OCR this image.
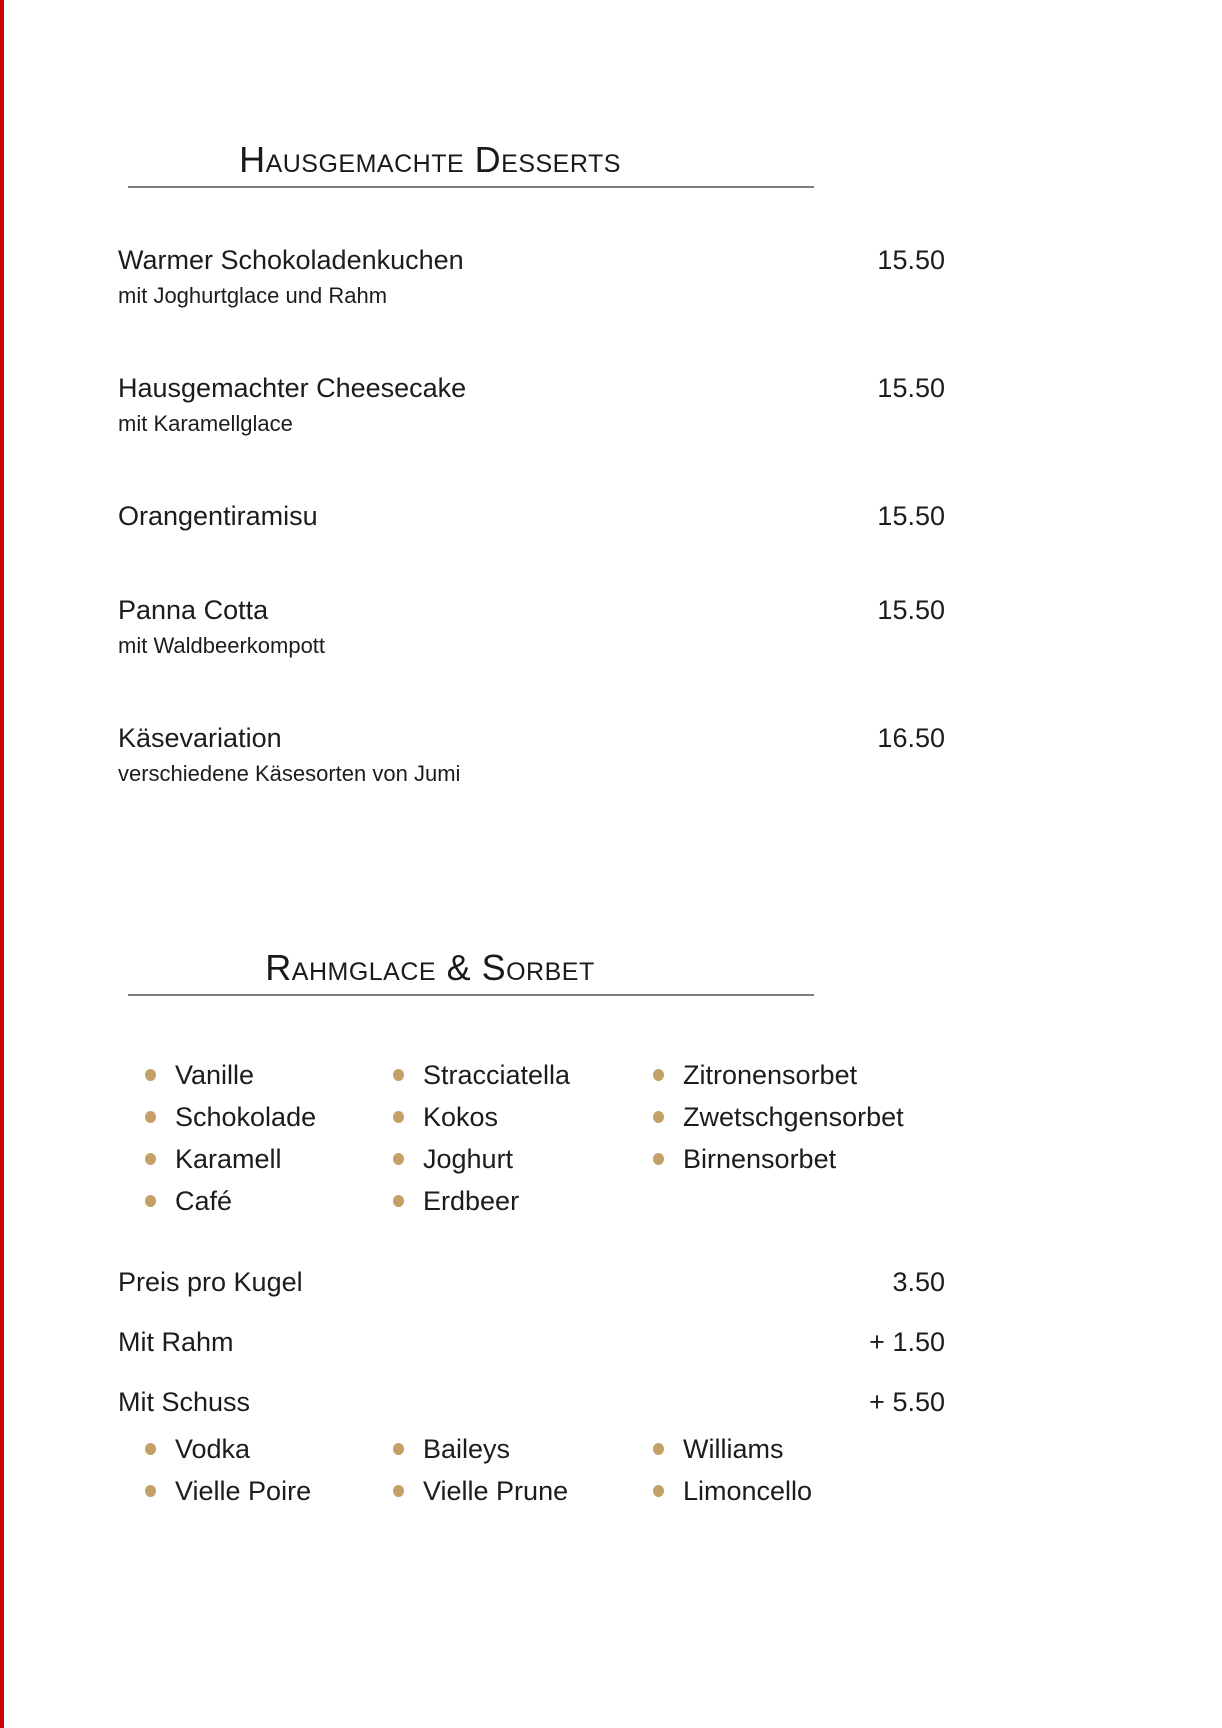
Hausgemachte Desserts
Warmer Schokoladenkuchen	15.50
mit Joghurtglace und Rahm
Hausgemachter Cheesecake	15.50
mit Karamellglace
Orangentiramisu	15.50
Panna Cotta	15.50
mit Waldbeerkompott
Käsevariation	16.50
verschiedene Käsesorten von Jumi
Rahmglace & Sorbet
Vanille
Schokolade
Karamell
Café
Stracciatella
Kokos
Joghurt
Erdbeer
Zitronensorbet
Zwetschgensorbet
Birnensorbet
Preis pro Kugel	3.50
Mit Rahm	+ 1.50
Mit Schuss	+ 5.50
Vodka
Vielle Poire
Baileys
Vielle Prune
Williams
Limoncello
